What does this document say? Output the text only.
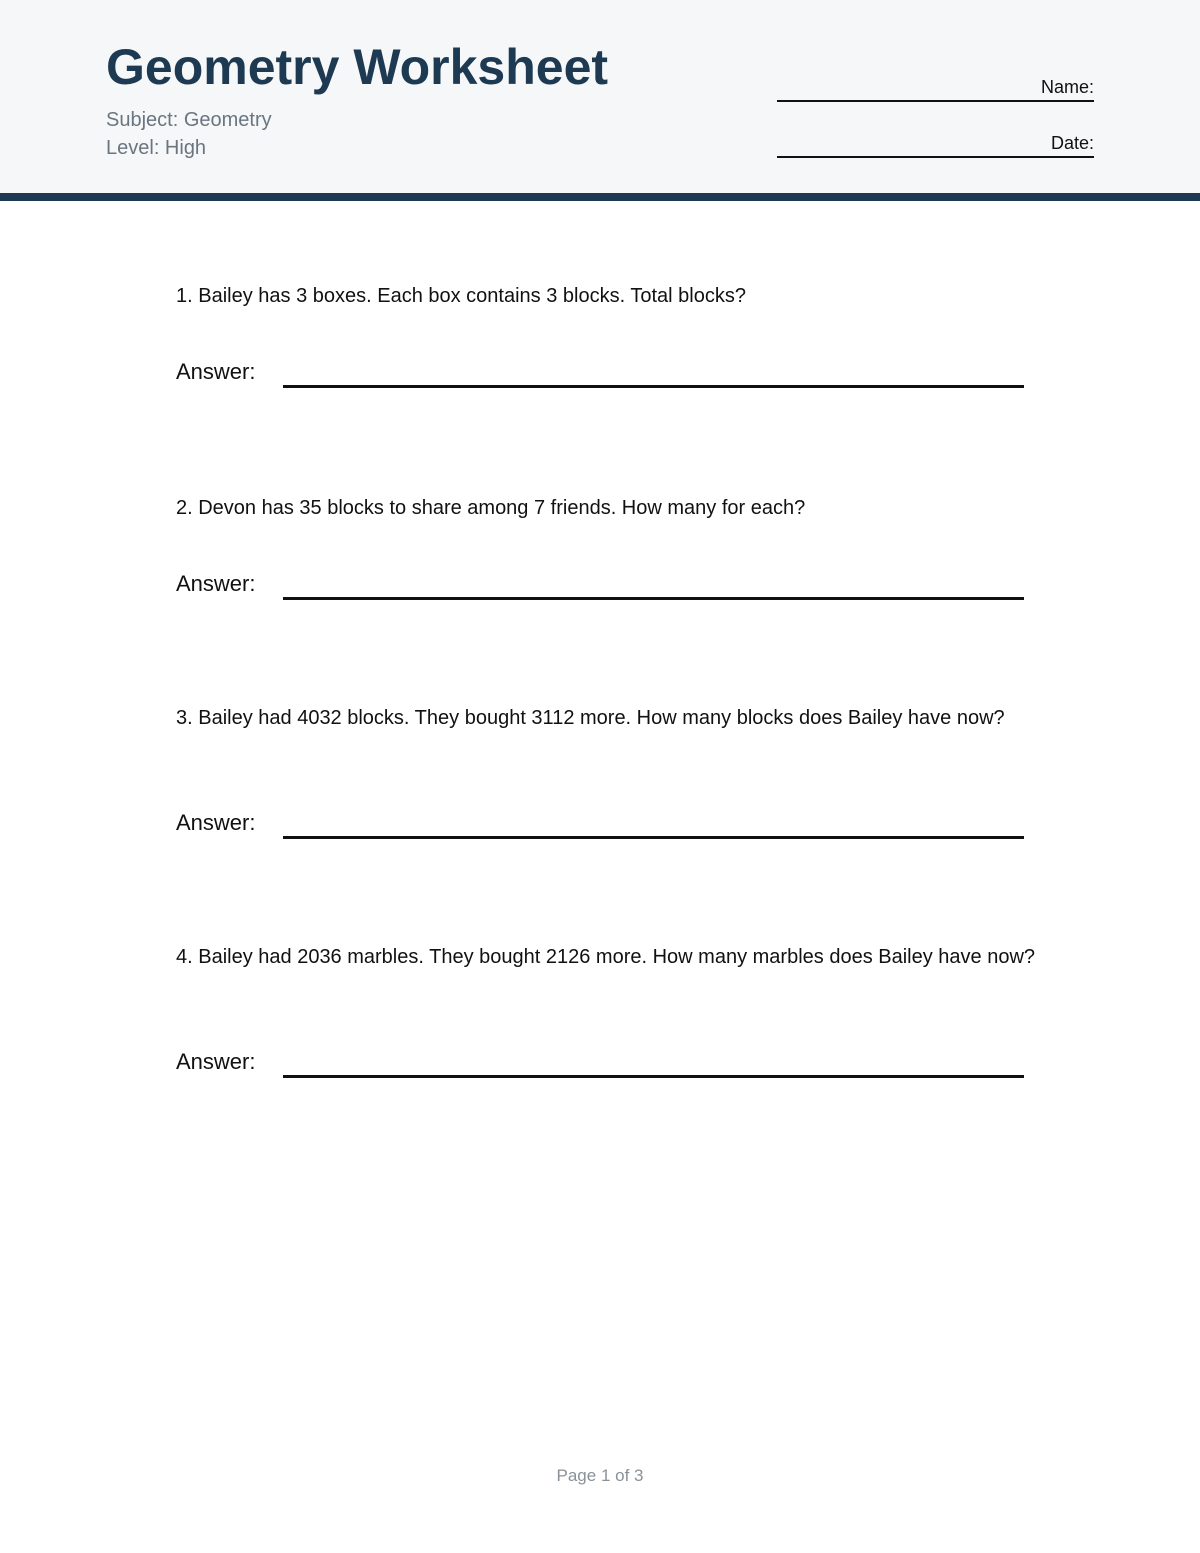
Geometry Worksheet
Subject: Geometry
Level: High
Name:
Date:
1. Bailey has 3 boxes. Each box contains 3 blocks. Total blocks?
Answer:
2. Devon has 35 blocks to share among 7 friends. How many for each?
Answer:
3. Bailey had 4032 blocks. They bought 3112 more. How many blocks does Bailey have now?
Answer:
4. Bailey had 2036 marbles. They bought 2126 more. How many marbles does Bailey have now?
Answer:
Page 1 of 3
